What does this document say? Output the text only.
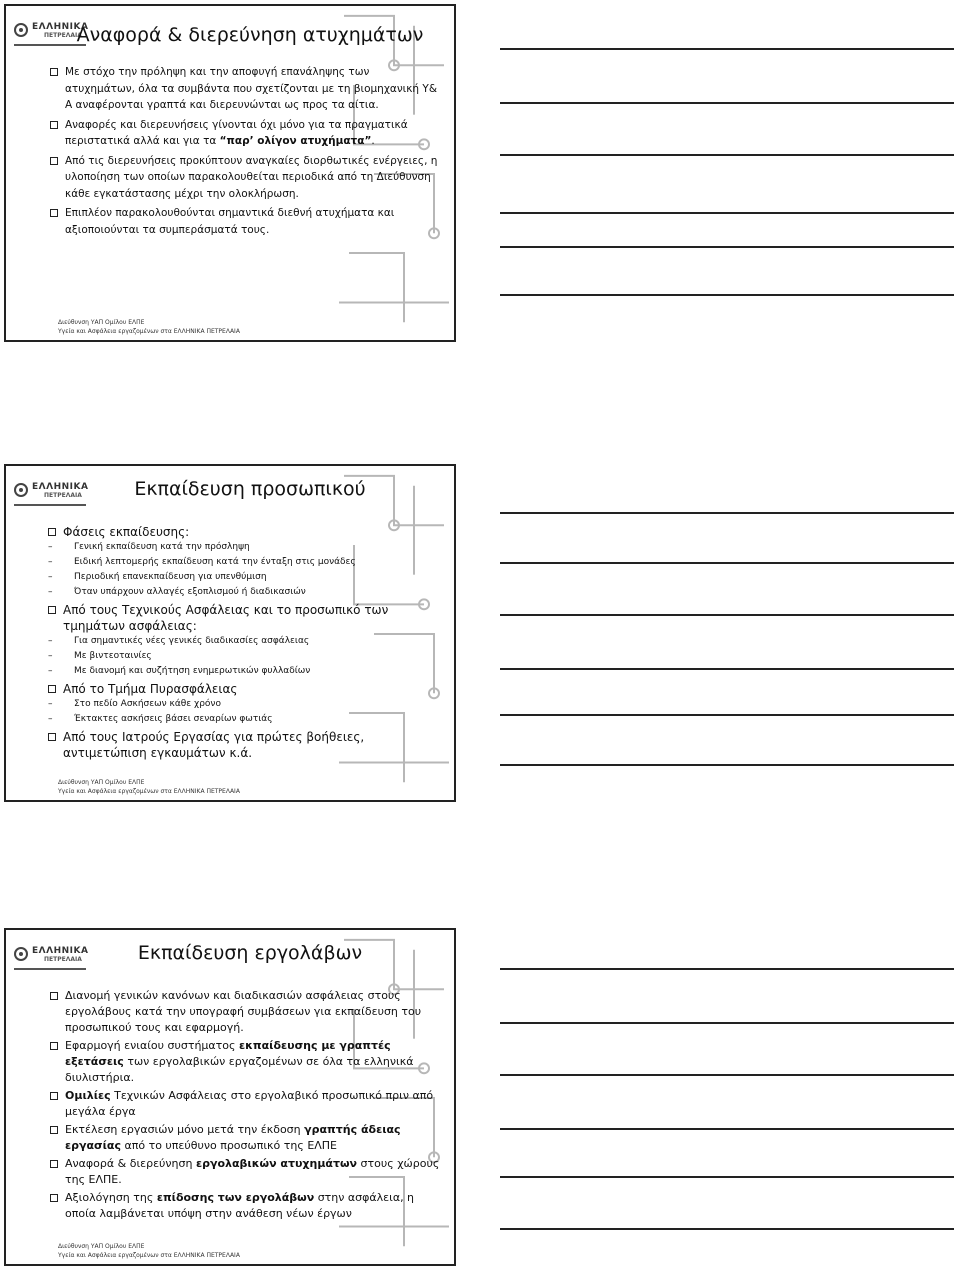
ΕΛΛΗΝΙΚΑ
ΠΕΤΡΕΛΑΙΑ
Αναφορά & διερεύνηση ατυχημάτων

Με στόχο την πρόληψη και την αποφυγή επανάληψης των ατυχημάτων, όλα τα συμβάντα που σχετίζονται με τη βιομηχανική Υ& Α αναφέρονται γραπτά και διερευνώνται ως προς τα αίτια.

Αναφορές και διερευνήσεις γίνονται όχι μόνο για τα πραγματικά περιστατικά αλλά και για τα “παρ’ ολίγον ατυχήματα”.

Από τις διερευνήσεις προκύπτουν αναγκαίες διορθωτικές ενέργειες, η υλοποίηση των οποίων παρακολουθείται περιοδικά από τη Διεύθυνση κάθε εγκατάστασης μέχρι την ολοκλήρωση.

Επιπλέον παρακολουθούνται σημαντικά διεθνή ατυχήματα και αξιοποιούνται τα συμπεράσματά τους.

Διεύθυνση ΥΑΠ Ομίλου ΕΛΠΕ
Υγεία και Ασφάλεια εργαζομένων στα ΕΛΛΗΝΙΚΑ ΠΕΤΡΕΛΑΙΑ
ΕΛΛΗΝΙΚΑ
ΠΕΤΡΕΛΑΙΑ	Εκπαίδευση προσωπικού

Φάσεις εκπαίδευσης:

– Γενική εκπαίδευση κατά την πρόσληψη

– Ειδική λεπτομερής εκπαίδευση κατά την ένταξη στις μονάδες

– Περιοδική επανεκπαίδευση για υπενθύμιση

– Όταν υπάρχουν αλλαγές εξοπλισμού ή διαδικασιών

Από τους Τεχνικούς Ασφάλειας και το προσωπικό των τμημάτων ασφάλειας:

– Για σημαντικές νέες γενικές διαδικασίες ασφάλειας

– Με βιντεοταινίες

– Με διανομή και συζήτηση ενημερωτικών φυλλαδίων

Από το Τμήμα Πυρασφάλειας

– Στο πεδίο Ασκήσεων κάθε χρόνο

– Έκτακτες ασκήσεις βάσει σεναρίων φωτιάς

Από τους Ιατρούς Εργασίας για πρώτες βοήθειες, αντιμετώπιση εγκαυμάτων κ.ά.

Διεύθυνση ΥΑΠ Ομίλου ΕΛΠΕ
Υγεία και Ασφάλεια εργαζομένων στα ΕΛΛΗΝΙΚΑ ΠΕΤΡΕΛΑΙΑ
ΕΛΛΗΝΙΚΑ
ΠΕΤΡΕΛΑΙΑ	Εκπαίδευση εργολάβων

Διανομή γενικών κανόνων και διαδικασιών ασφάλειας στους εργολάβους κατά την υπογραφή συμβάσεων για εκπαίδευση του προσωπικού τους και εφαρμογή.

Εφαρμογή ενιαίου συστήματος εκπαίδευσης με γραπτές εξετάσεις των εργολαβικών εργαζομένων σε όλα τα ελληνικά διυλιστήρια.

Ομιλίες Τεχνικών Ασφάλειας στο εργολαβικό προσωπικό πριν από μεγάλα έργα

Εκτέλεση εργασιών μόνο μετά την έκδοση γραπτής άδειας εργασίας από το υπεύθυνο προσωπικό της ΕΛΠΕ

Αναφορά & διερεύνηση εργολαβικών ατυχημάτων στους χώρους της ΕΛΠΕ.

Αξιολόγηση της επίδοσης των εργολάβων στην ασφάλεια, η οποία λαμβάνεται υπόψη στην ανάθεση νέων έργων

Διεύθυνση ΥΑΠ Ομίλου ΕΛΠΕ
Υγεία και Ασφάλεια εργαζομένων στα ΕΛΛΗΝΙΚΑ ΠΕΤΡΕΛΑΙΑ
